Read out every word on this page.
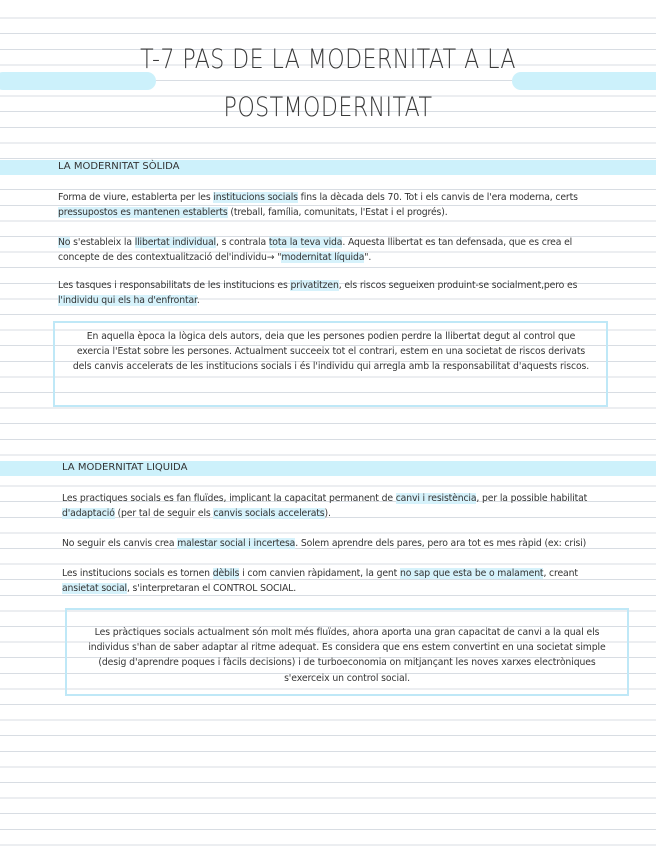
T-7 PAS DE LA MODERNITAT A LA
POSTMODERNITAT
LA MODERNITAT SÒLIDA
Forma de viure, establerta per les institucions socials fins la dècada dels 70. Tot i els canvis de l'era moderna, certs pressupostos es mantenen establerts (treball, família, comunitats, l'Estat i el progrés).
No s'estableix la llibertat individual, s contrala tota la teva vida. Aquesta llibertat es tan defensada, que es crea el concepte de des contextualització del'individu→ "modernitat líquida".
Les tasques i responsabilitats de les institucions es privatitzen, els riscos segueixen produint-se socialment,pero es l'individu qui els ha d'enfrontar.
En aquella època la lògica dels autors, deia que les persones podien perdre la llibertat degut al control que exercia l'Estat sobre les persones. Actualment succeeix tot el contrari, estem en una societat de riscos derivats dels canvis accelerats de les institucions socials i és l'individu qui arregla amb la responsabilitat d'aquests riscos.
LA MODERNITAT LIQUIDA
Les practiques socials es fan fluïdes, implicant la capacitat permanent de canvi i resistència, per la possible habilitat d'adaptació (per tal de seguir els canvis socials accelerats).
No seguir els canvis crea malestar social i incertesa. Solem aprendre dels pares, pero ara tot es mes ràpid (ex: crisi)
Les institucions socials es tornen dèbils i com canvien ràpidament, la gent no sap que esta be o malament, creant ansietat social, s'interpretaran el CONTROL SOCIAL.
Les pràctiques socials actualment són molt més fluïdes, ahora aporta una gran capacitat de canvi a la qual els individus s'han de saber adaptar al ritme adequat. Es considera que ens estem convertint en una societat simple (desig d'aprendre poques i fàcils decisions) i de turboeconomia on mitjançant les noves xarxes electròniques s'exerceix un control social.
